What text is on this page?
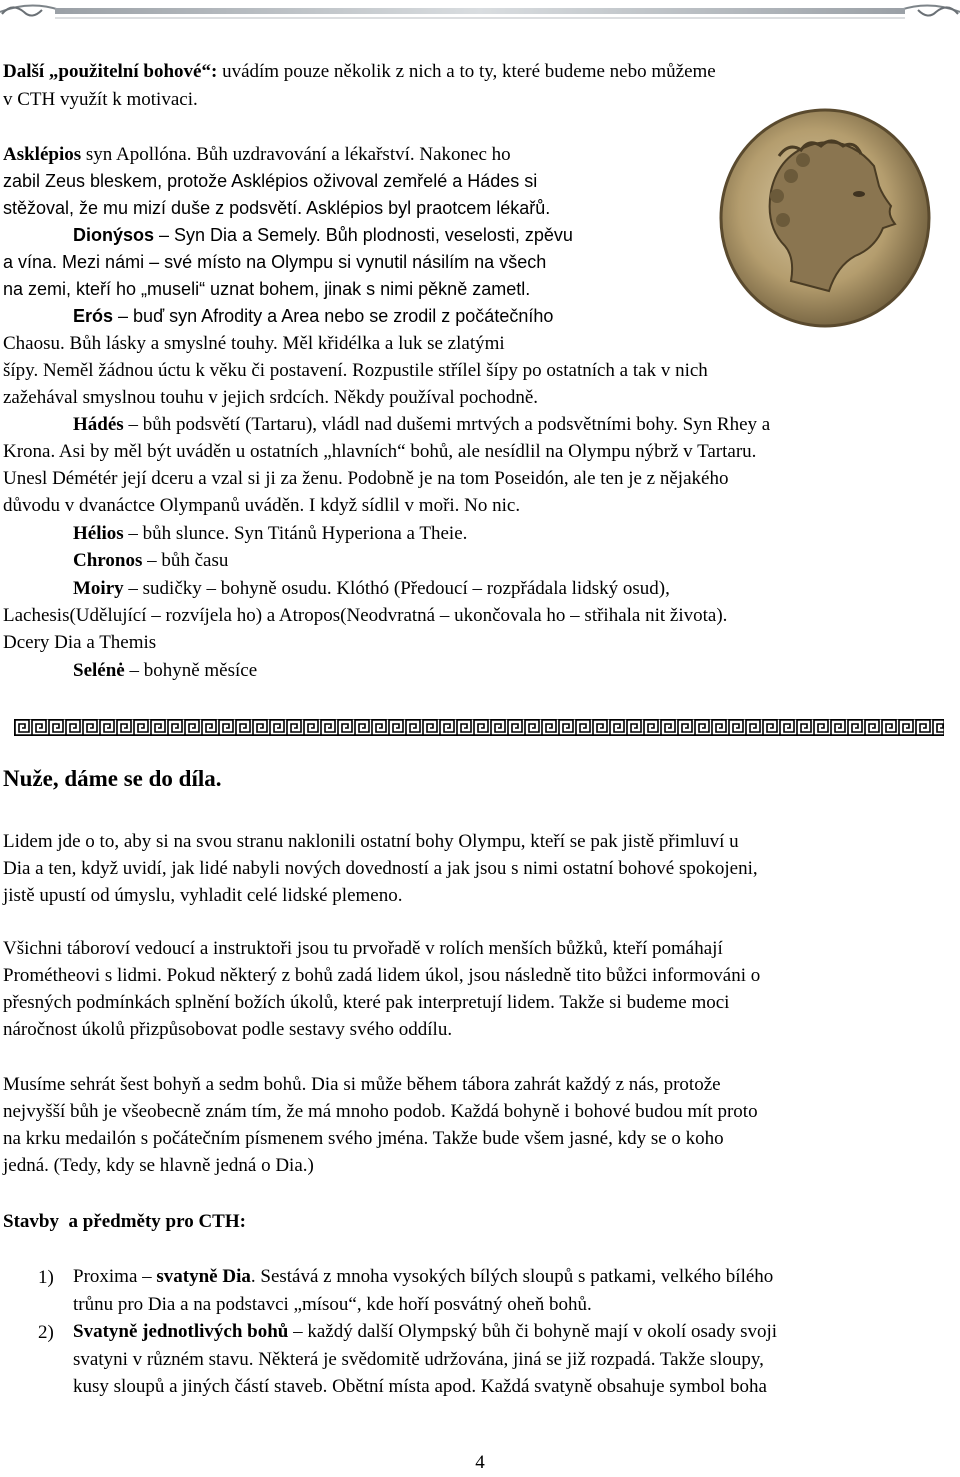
Další „použitelní bohové“: uvádím pouze několik z nich a to ty, které budeme nebo můžeme

v CTH využít k motivaci.

Asklépios syn Apollóna. Bůh uzdravování a lékařství. Nakonec ho

zabil Zeus bleskem, protože Asklépios oživoval zemřelé a Hádes si

stěžoval, že mu mizí duše z podsvětí. Asklépios byl praotcem lékařů.

Dionýsos – Syn Dia a Semely. Bůh plodnosti, veselosti, zpěvu

a vína. Mezi námi – své místo na Olympu si vynutil násilím na všech

na zemi, kteří ho „museli“ uznat bohem, jinak s nimi pěkně zametl.

Erós – buď syn Afrodity a Area nebo se zrodil z počátečního

Chaosu. Bůh lásky a smyslné touhy. Měl křidélka a luk se zlatými

šípy. Neměl žádnou úctu k věku či postavení. Rozpustile střílel šípy po ostatních a tak v nich

zažehával smyslnou touhu v jejich srdcích. Někdy používal pochodně.

Hádés – bůh podsvětí (Tartaru), vládl nad dušemi mrtvých a podsvětními bohy. Syn Rhey a

Krona. Asi by měl být uváděn u ostatních „hlavních“ bohů, ale nesídlil na Olympu nýbrž v Tartaru.

Unesl Démétér její dceru a vzal si ji za ženu. Podobně je na tom Poseidón, ale ten je z nějakého

důvodu v dvanáctce Olympanů uváděn. I když sídlil v moři. No nic.

Hélios – bůh slunce. Syn Titánů Hyperiona a Theie.

Chronos – bůh času

Moiry – sudičky – bohyně osudu. Klóthó (Předoucí – rozpřádala lidský osud),

Lachesis(Udělující – rozvíjela ho) a Atropos(Neodvratná – ukončovala ho – střihala nit života).

Dcery Dia a Themis

Selénė – bohyně měsíce

Nuže, dáme se do díla.

Lidem jde o to, aby si na svou stranu naklonili ostatní bohy Olympu, kteří se pak jistě přimluví u

Dia a ten, když uvidí, jak lidé nabyli nových dovedností a jak jsou s nimi ostatní bohové spokojeni,

jistě upustí od úmyslu, vyhladit celé lidské plemeno.

Všichni táboroví vedoucí a instruktoři jsou tu prvořadě v rolích menších bůžků, kteří pomáhají

Prométheovi s lidmi. Pokud některý z bohů zadá lidem úkol, jsou následně tito bůžci informováni o

přesných podmínkách splnění božích úkolů, které pak interpretují lidem. Takže si budeme moci

náročnost úkolů přizpůsobovat podle sestavy svého oddílu.

Musíme sehrát šest bohyň a sedm bohů. Dia si může během tábora zahrát každý z nás, protože

nejvyšší bůh je všeobecně znám tím, že má mnoho podob. Každá bohyně i bohové budou mít proto

na krku medailón s počátečním písmenem svého jména. Takže bude všem jasné, kdy se o koho

jedná. (Tedy, kdy se hlavně jedná o Dia.)

Stavby  a předměty pro CTH:

1) Proxima – svatyně Dia. Sestává z mnoha vysokých bílých sloupů s patkami, velkého bílého

trůnu pro Dia a na podstavci „mísou“, kde hoří posvátný oheň bohů.

2) Svatyně jednotlivých bohů – každý další Olympský bůh či bohyně mají v okolí osady svoji

svatyni v různém stavu. Některá je svědomitě udržována, jiná se již rozpadá. Takže sloupy,

kusy sloupů a jiných částí staveb. Obětní místa apod. Každá svatyně obsahuje symbol boha

4
